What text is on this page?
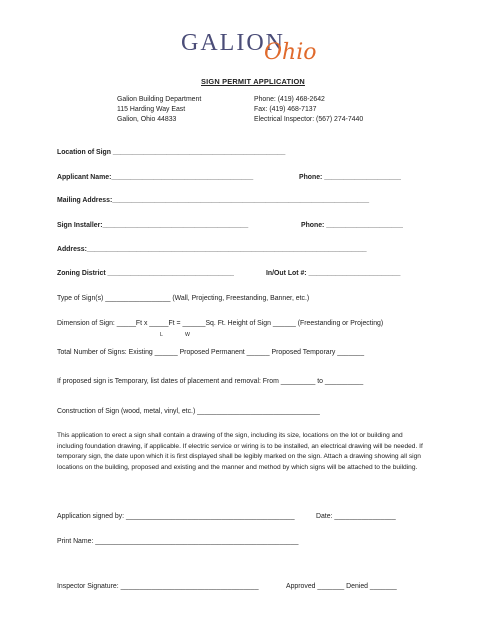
GALION
Ohio
SIGN PERMIT APPLICATION
Galion Building Department
115 Harding Way East
Galion, Ohio 44833
Phone: (419) 468-2642
Fax: (419) 468-7137
Electrical Inspector: (567) 274-7440
Location of Sign _____________________________________________
Applicant Name:_____________________________________	Phone: ____________________
Mailing Address:___________________________________________________________________
Sign Installer:______________________________________	Phone: ____________________
Address:_________________________________________________________________________
Zoning District _________________________________	In/Out Lot #: ________________________
Type of Sign(s) _________________ (Wall, Projecting, Freestanding, Banner, etc.)
Dimension of Sign: _____Ft x _____Ft = ______Sq. Ft. Height of Sign ______ (Freestanding or Projecting)
L	W
Total Number of Signs: Existing ______ Proposed Permanent ______ Proposed Temporary _______
If proposed sign is Temporary, list dates of placement and removal: From _________ to __________
Construction of Sign (wood, metal, vinyl, etc.) ________________________________
This application to erect a sign shall contain a drawing of the sign, including its size, locations on the lot or building and including foundation drawing, if applicable. If electric service or wiring is to be installed, an electrical drawing will be needed. If temporary sign, the date upon which it is first displayed shall be legibly marked on the sign. Attach a drawing showing all sign locations on the building, proposed and existing and the manner and method by which signs will be attached to the building.
Application signed by: ____________________________________________	Date: ________________
Print Name: _____________________________________________________
Inspector Signature: ____________________________________	Approved _______ Denied _______
